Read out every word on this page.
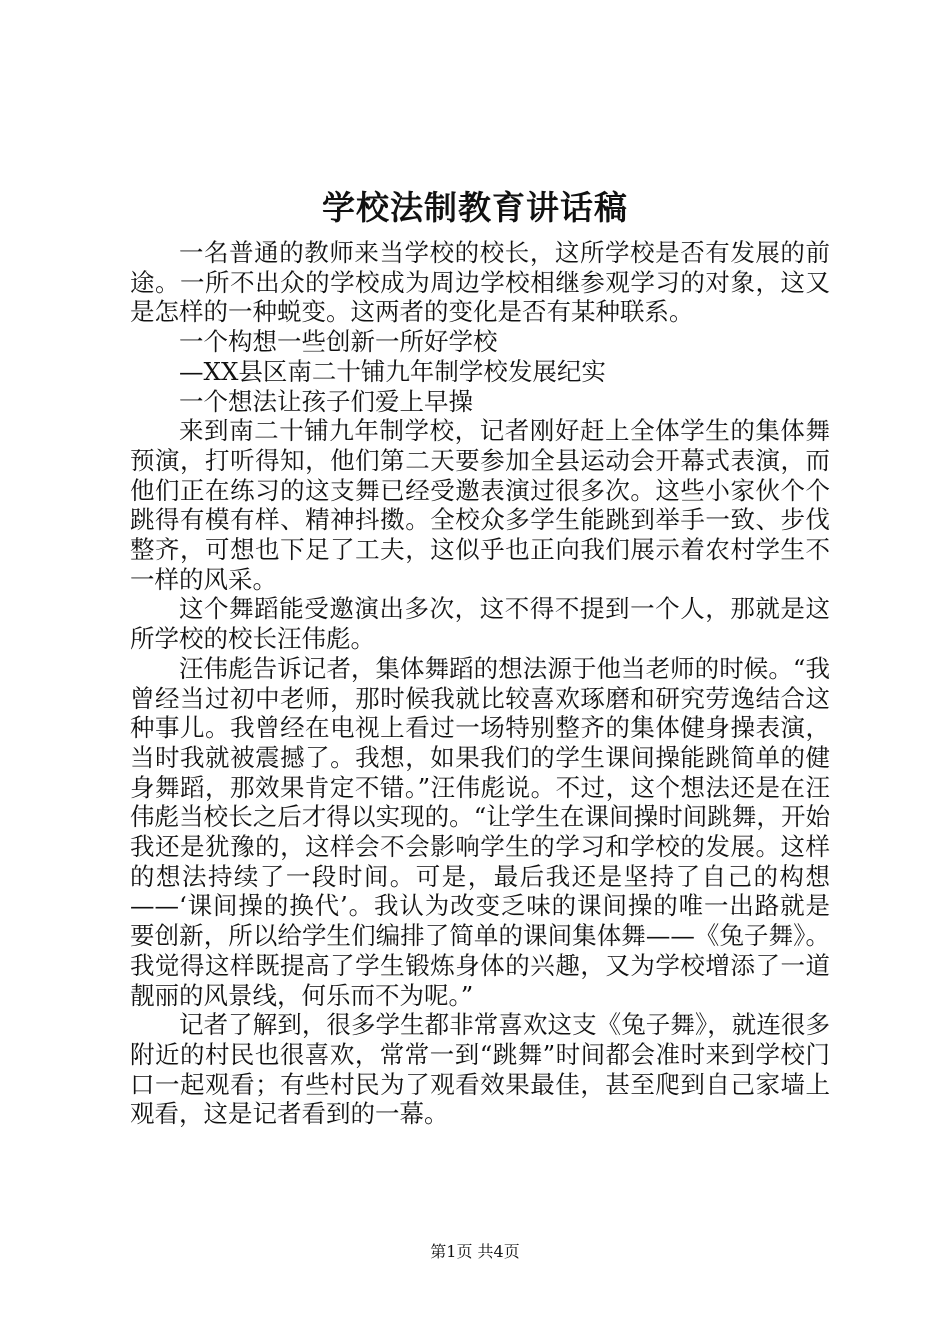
学校法制教育讲话稿

一名普通的教师来当学校的校长，这所学校是否有发展的前途。一所不出众的学校成为周边学校相继参观学习的对象，这又是怎样的一种蜕变。这两者的变化是否有某种联系。

一个构想一些创新一所好学校

—XX县区南二十铺九年制学校发展纪实

一个想法让孩子们爱上早操

来到南二十铺九年制学校，记者刚好赶上全体学生的集体舞预演，打听得知，他们第二天要参加全县运动会开幕式表演，而他们正在练习的这支舞已经受邀表演过很多次。这些小家伙个个跳得有模有样、精神抖擞。全校众多学生能跳到举手一致、步伐整齐，可想也下足了工夫，这似乎也正向我们展示着农村学生不一样的风采。

这个舞蹈能受邀演出多次，这不得不提到一个人，那就是这所学校的校长汪伟彪。

汪伟彪告诉记者，集体舞蹈的想法源于他当老师的时候。“我曾经当过初中老师，那时候我就比较喜欢琢磨和研究劳逸结合这种事儿。我曾经在电视上看过一场特别整齐的集体健身操表演，当时我就被震撼了。我想，如果我们的学生课间操能跳简单的健身舞蹈，那效果肯定不错。”汪伟彪说。不过，这个想法还是在汪伟彪当校长之后才得以实现的。“让学生在课间操时间跳舞，开始我还是犹豫的，这样会不会影响学生的学习和学校的发展。这样的想法持续了一段时间。可是，最后我还是坚持了自己的构想——‘课间操的换代’。我认为改变乏味的课间操的唯一出路就是要创新，所以给学生们编排了简单的课间集体舞——《兔子舞》。我觉得这样既提高了学生锻炼身体的兴趣，又为学校增添了一道靓丽的风景线，何乐而不为呢。”

记者了解到，很多学生都非常喜欢这支《兔子舞》，就连很多附近的村民也很喜欢，常常一到“跳舞”时间都会准时来到学校门口一起观看；有些村民为了观看效果最佳，甚至爬到自己家墙上观看，这是记者看到的一幕。

第1页 共4页
